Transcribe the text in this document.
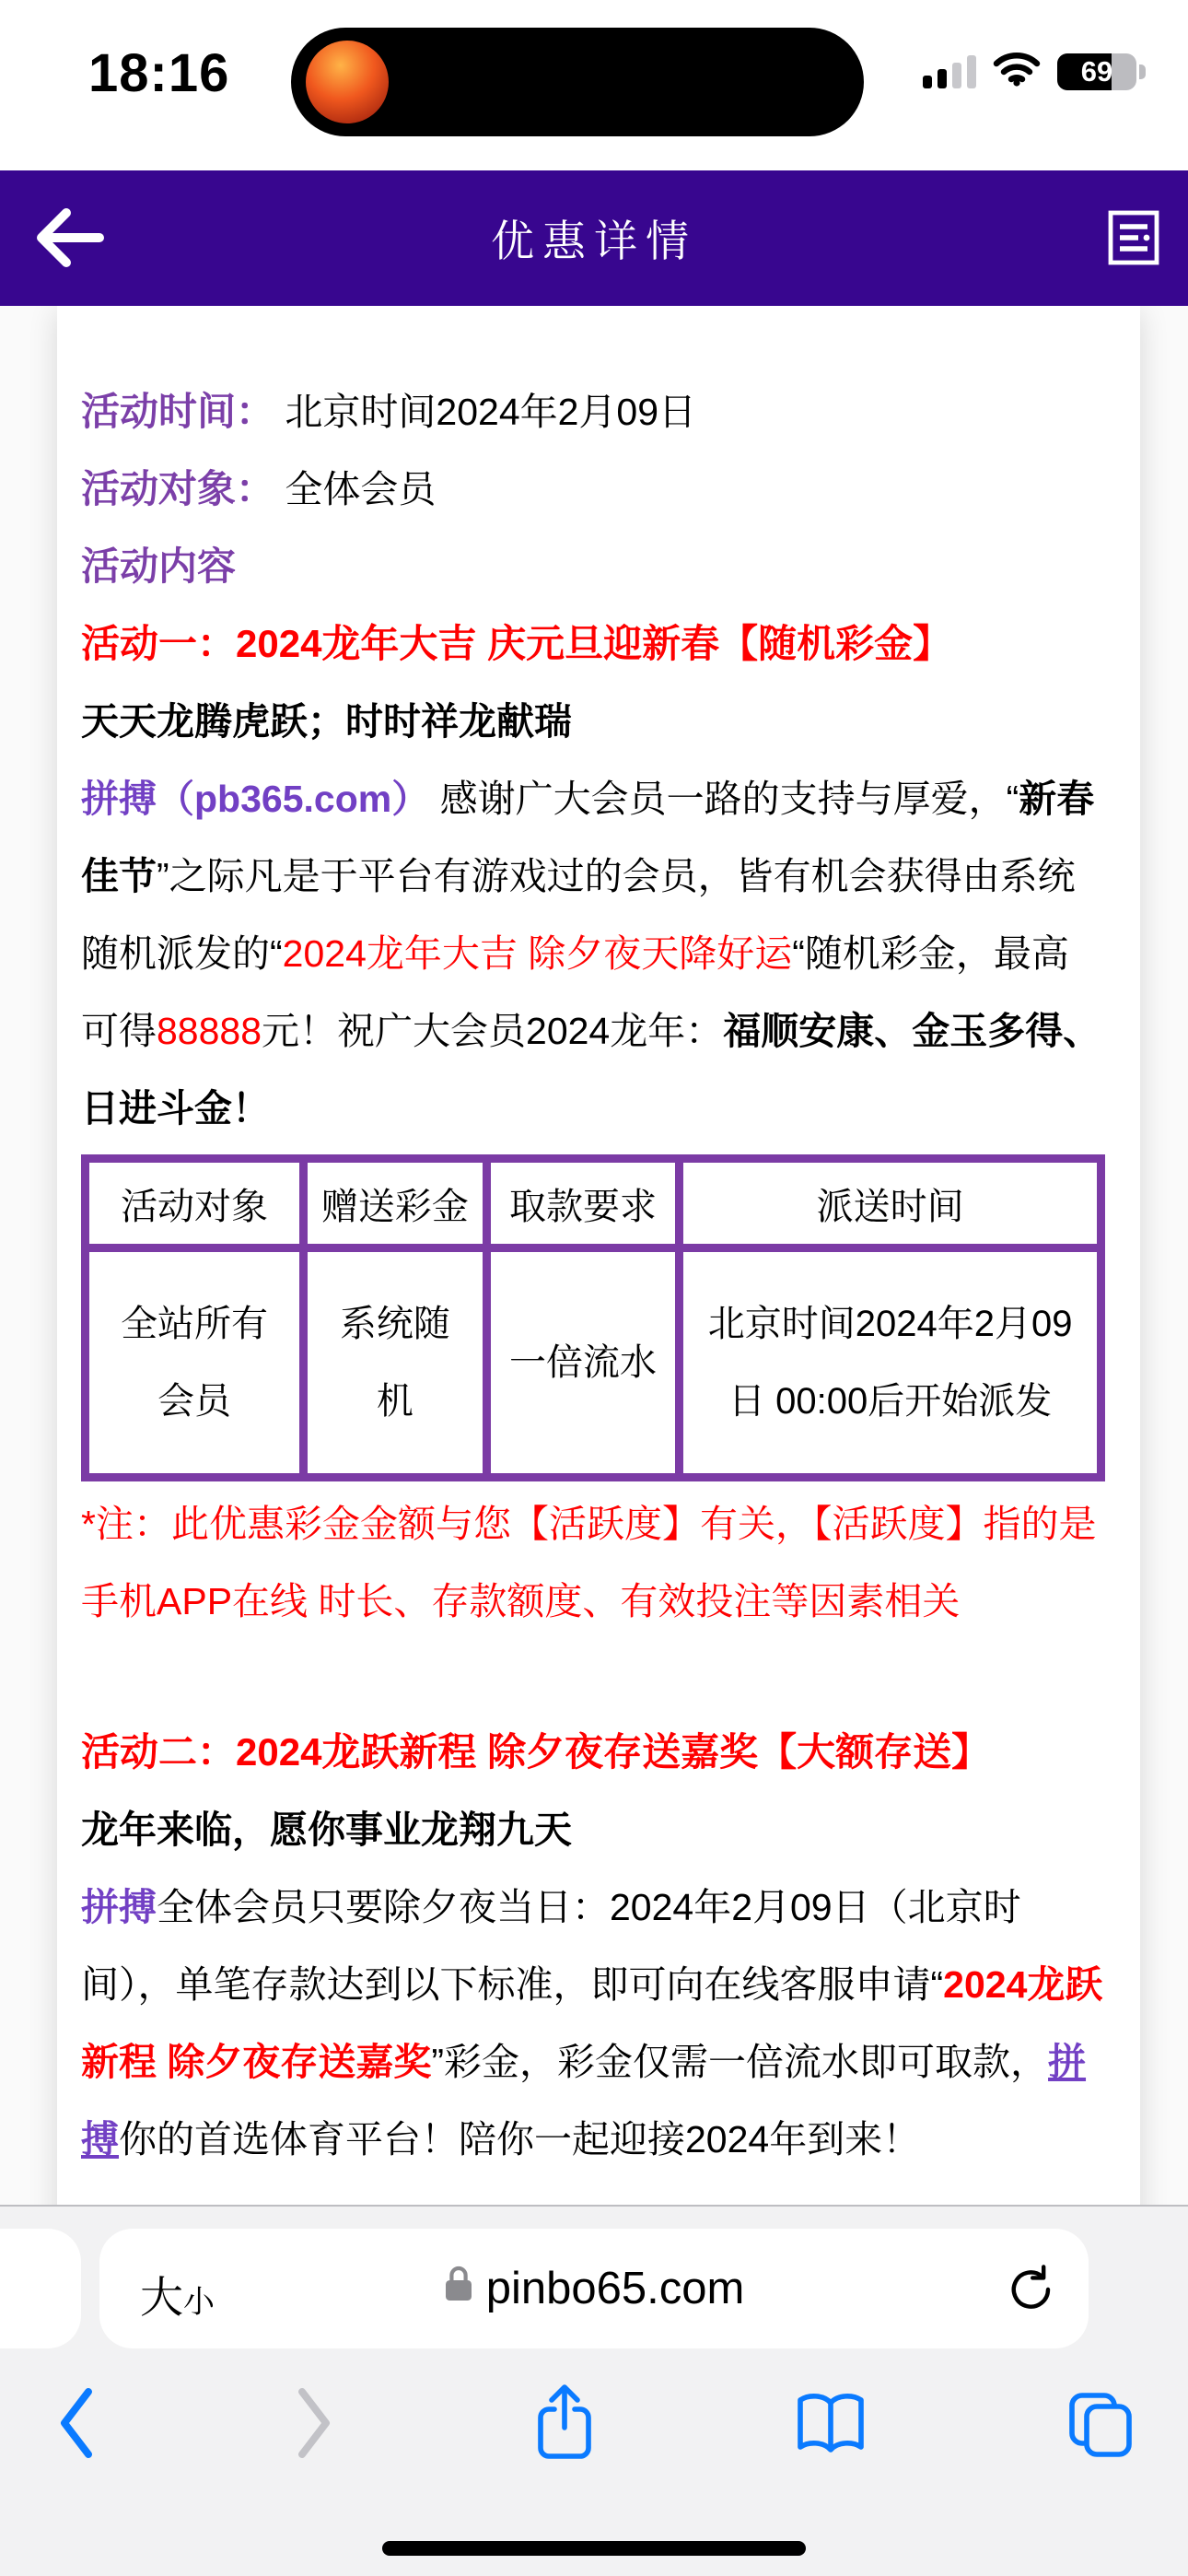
18:16	69
优惠详情
活动时间： 北京时间2024年2月09日
活动对象： 全体会员
活动内容
活动一：2024龙年大吉 庆元旦迎新春【随机彩金】
天天龙腾虎跃；时时祥龙献瑞
拼搏（pb365.com） 感谢广大会员一路的支持与厚爱，“新春佳节”之际凡是于平台有游戏过的会员，皆有机会获得由系统随机派发的“2024龙年大吉 除夕夜天降好运“随机彩金，最高可得88888元！祝广大会员2024龙年：福顺安康、金玉多得、日进斗金！
活动对象	赠送彩金	取款要求	派送时间
全站所有会员	系统随机	一倍流水	北京时间2024年2月09日 00:00后开始派发
*注：此优惠彩金金额与您【活跃度】有关，【活跃度】指的是手机APP在线 时长、存款额度、有效投注等因素相关
活动二：2024龙跃新程 除夕夜存送嘉奖【大额存送】
龙年来临，愿你事业龙翔九天
拼搏全体会员只要除夕夜当日：2024年2月09日（北京时间），单笔存款达到以下标准，即可向在线客服申请“2024龙跃新程 除夕夜存送嘉奖”彩金，彩金仅需一倍流水即可取款，拼搏你的首选体育平台！陪你一起迎接2024年到来！
大 小	pinbo65.com
